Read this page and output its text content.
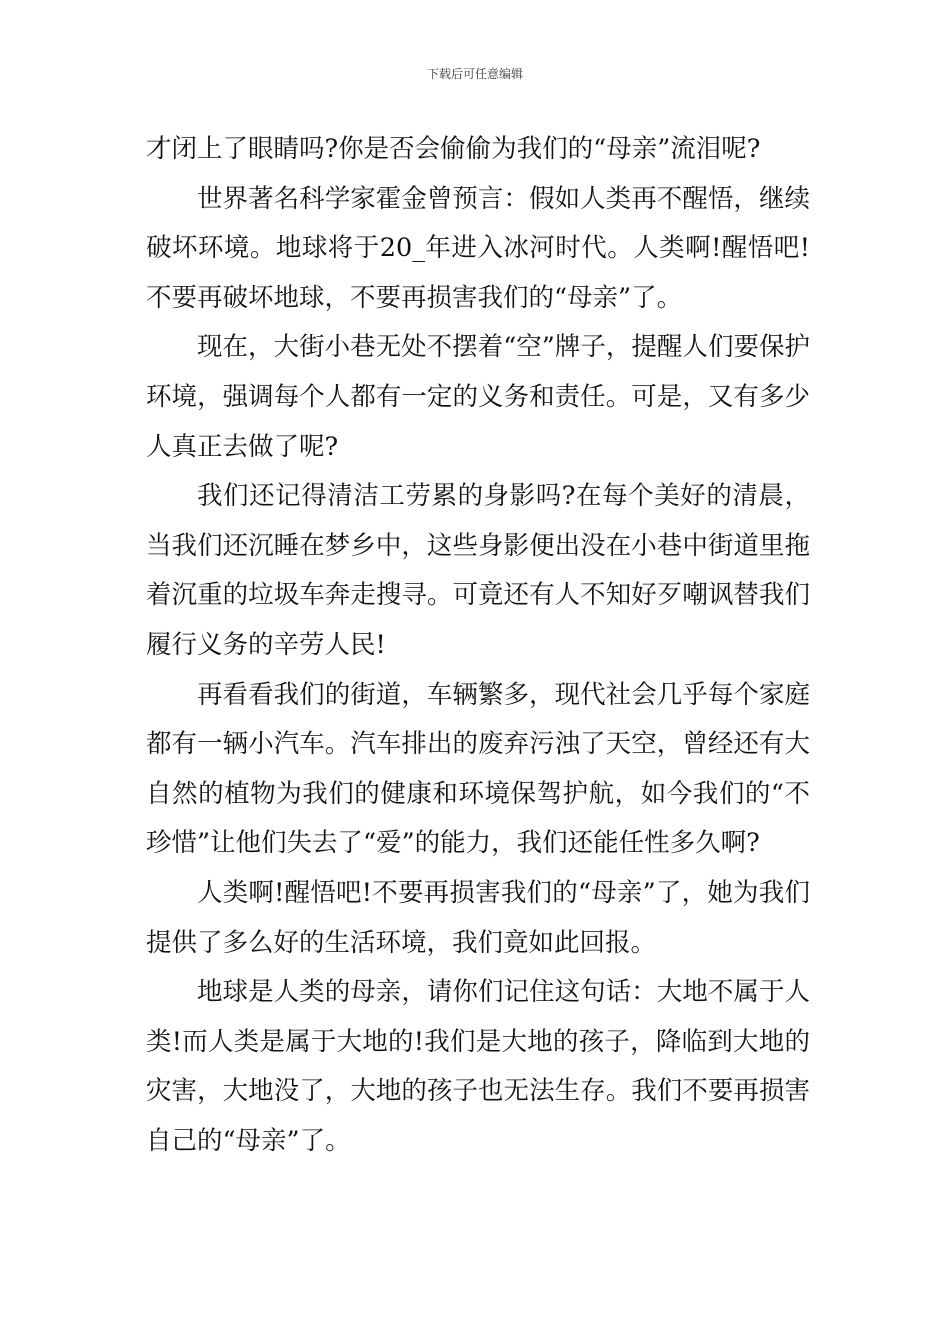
下载后可任意编辑

才闭上了眼睛吗?你是否会偷偷为我们的“母亲”流泪呢?

世界著名科学家霍金曾预言：假如人类再不醒悟，继续破坏环境。地球将于20_年进入冰河时代。人类啊!醒悟吧!不要再破坏地球，不要再损害我们的“母亲”了。

现在，大街小巷无处不摆着“空”牌子，提醒人们要保护环境，强调每个人都有一定的义务和责任。可是，又有多少人真正去做了呢?

我们还记得清洁工劳累的身影吗?在每个美好的清晨，当我们还沉睡在梦乡中，这些身影便出没在小巷中街道里拖着沉重的垃圾车奔走搜寻。可竟还有人不知好歹嘲讽替我们履行义务的辛劳人民!

再看看我们的街道，车辆繁多，现代社会几乎每个家庭都有一辆小汽车。汽车排出的废弃污浊了天空，曾经还有大自然的植物为我们的健康和环境保驾护航，如今我们的“不珍惜”让他们失去了“爱”的能力，我们还能任性多久啊?

人类啊!醒悟吧!不要再损害我们的“母亲”了，她为我们提供了多么好的生活环境，我们竟如此回报。

地球是人类的母亲，请你们记住这句话：大地不属于人类!而人类是属于大地的!我们是大地的孩子，降临到大地的灾害，大地没了，大地的孩子也无法生存。我们不要再损害自己的“母亲”了。
